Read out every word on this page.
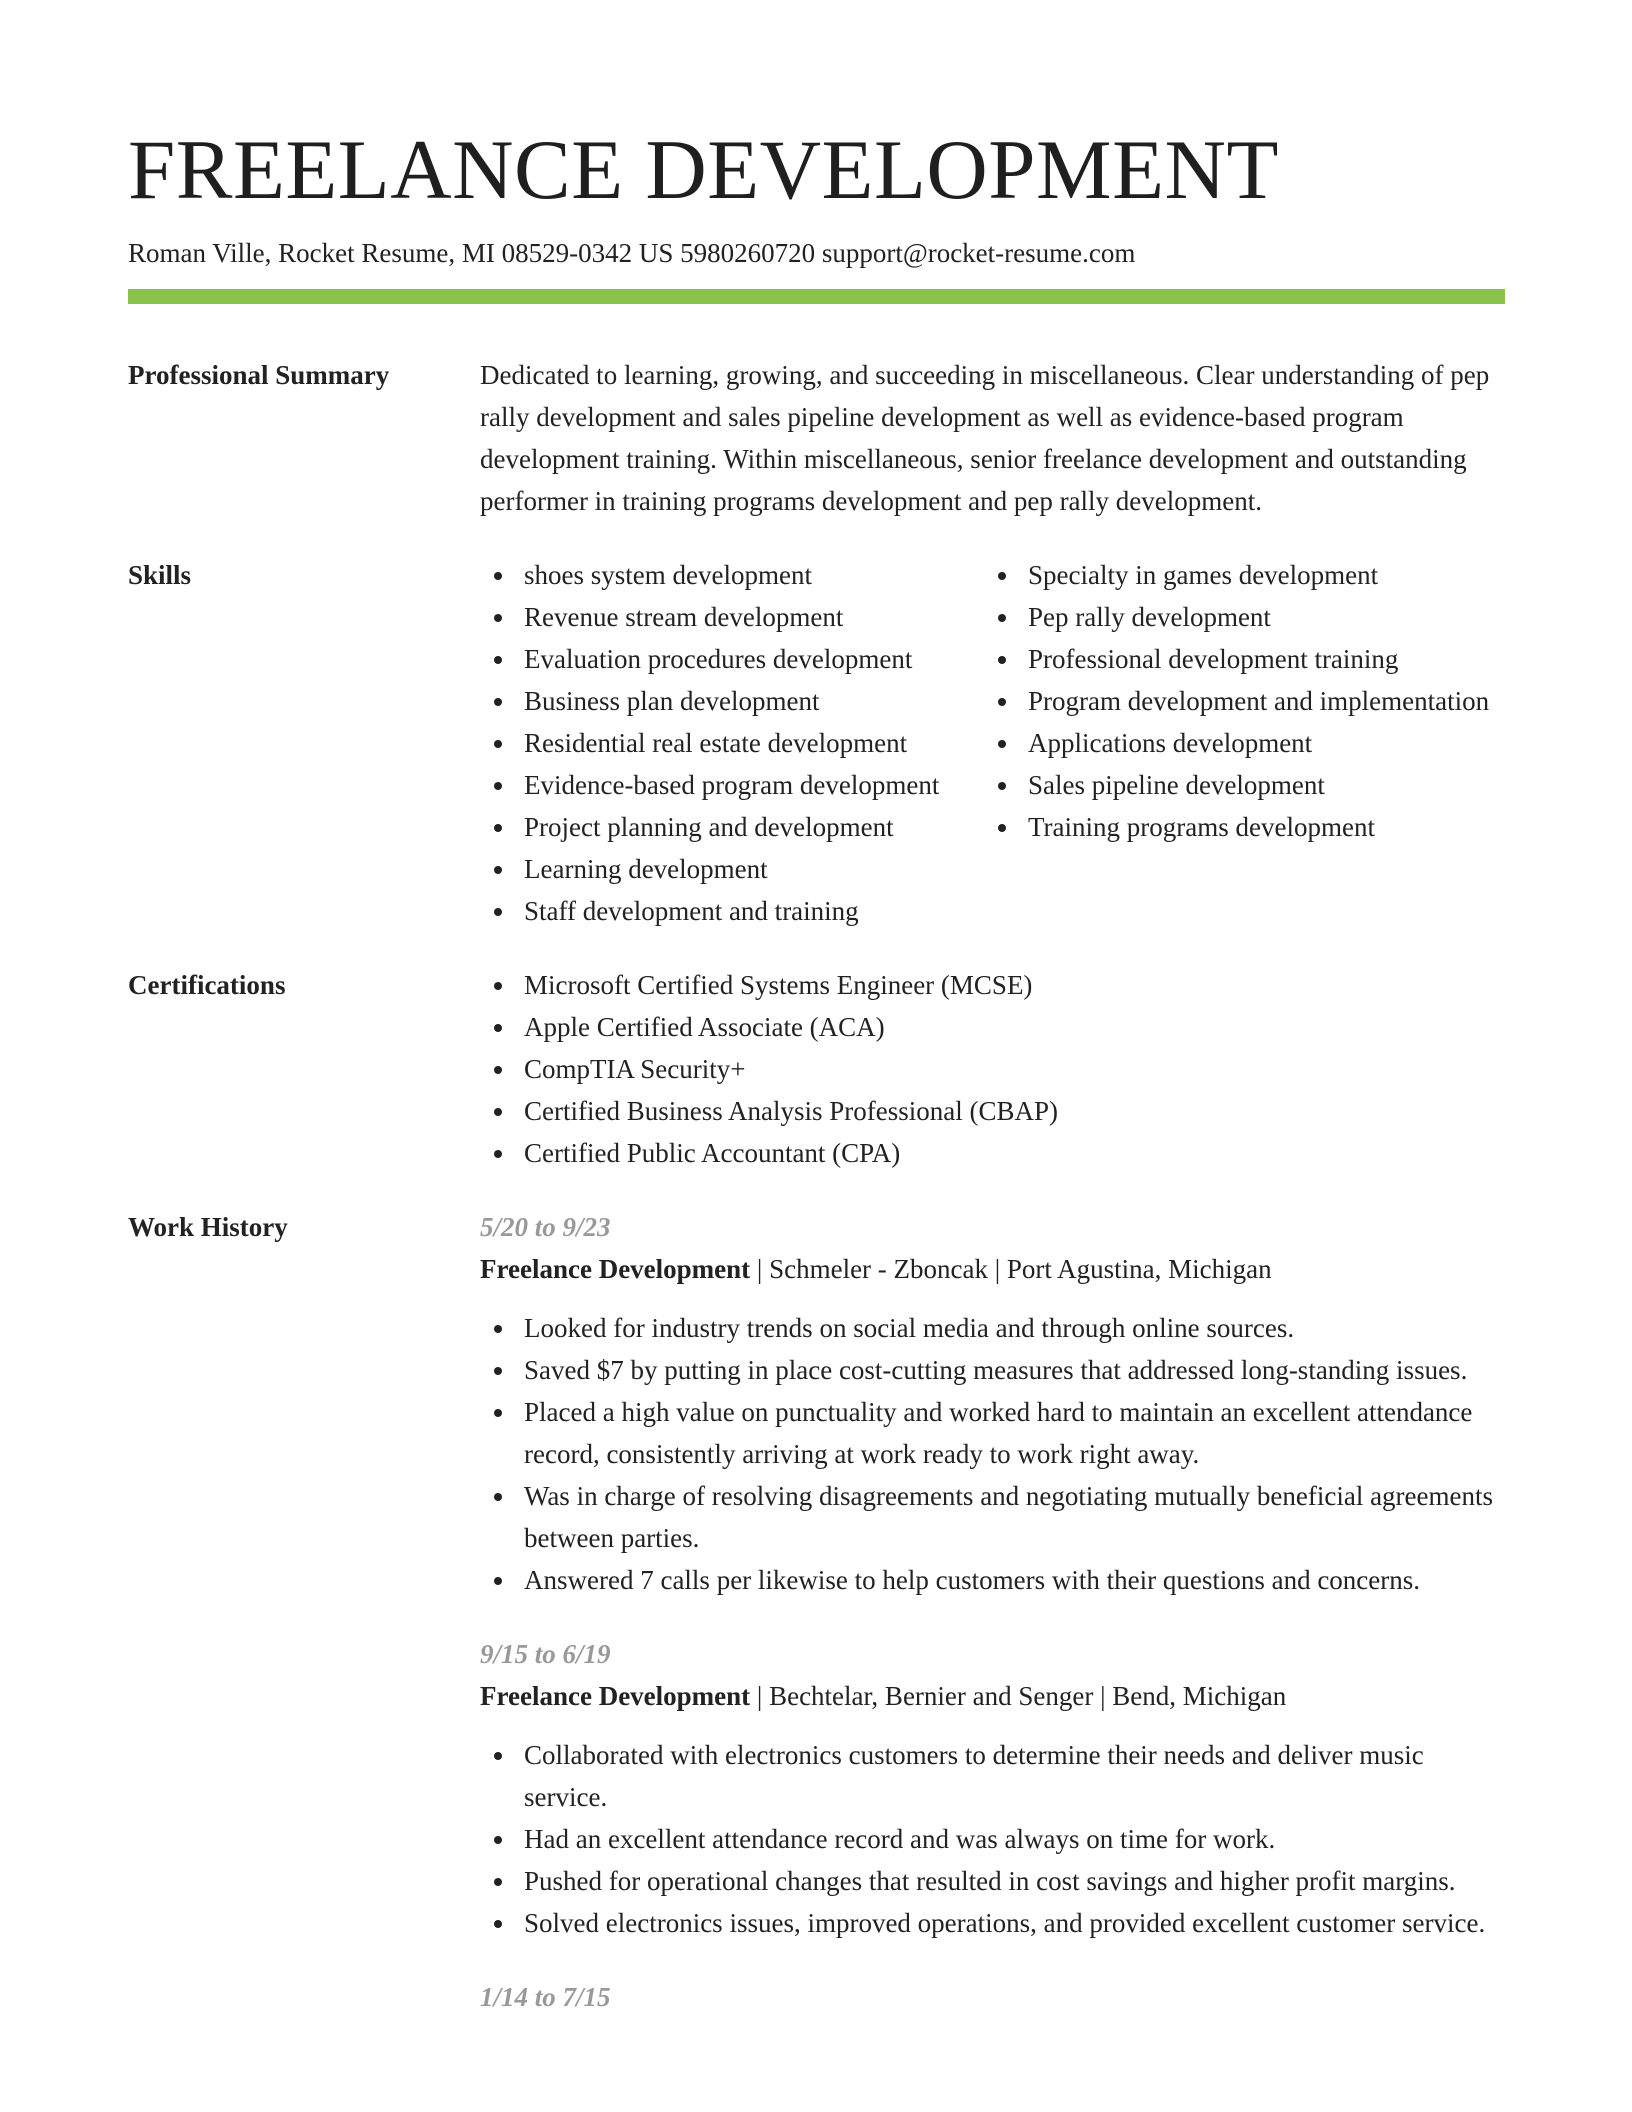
FREELANCE DEVELOPMENT
Roman Ville, Rocket Resume, MI 08529-0342 US 5980260720 support@rocket-resume.com
Professional Summary	Dedicated to learning, growing, and succeeding in miscellaneous. Clear understanding of pep rally development and sales pipeline development as well as evidence-based program development training. Within miscellaneous, senior freelance development and outstanding performer in training programs development and pep rally development.
Skills	shoes system development
Revenue stream development
Evaluation procedures development
Business plan development
Residential real estate development
Evidence-based program development
Project planning and development
Learning development
Staff development and training
Specialty in games development
Pep rally development
Professional development training
Program development and implementation
Applications development
Sales pipeline development
Training programs development
Certifications	Microsoft Certified Systems Engineer (MCSE)
Apple Certified Associate (ACA)
CompTIA Security+
Certified Business Analysis Professional (CBAP)
Certified Public Accountant (CPA)
Work History	5/20 to 9/23
Freelance Development | Schmeler - Zboncak | Port Agustina, Michigan
Looked for industry trends on social media and through online sources.
Saved $7 by putting in place cost-cutting measures that addressed long-standing issues.
Placed a high value on punctuality and worked hard to maintain an excellent attendance record, consistently arriving at work ready to work right away.
Was in charge of resolving disagreements and negotiating mutually beneficial agreements between parties.
Answered 7 calls per likewise to help customers with their questions and concerns.
9/15 to 6/19
Freelance Development | Bechtelar, Bernier and Senger | Bend, Michigan
Collaborated with electronics customers to determine their needs and deliver music service.
Had an excellent attendance record and was always on time for work.
Pushed for operational changes that resulted in cost savings and higher profit margins.
Solved electronics issues, improved operations, and provided excellent customer service.
1/14 to 7/15
